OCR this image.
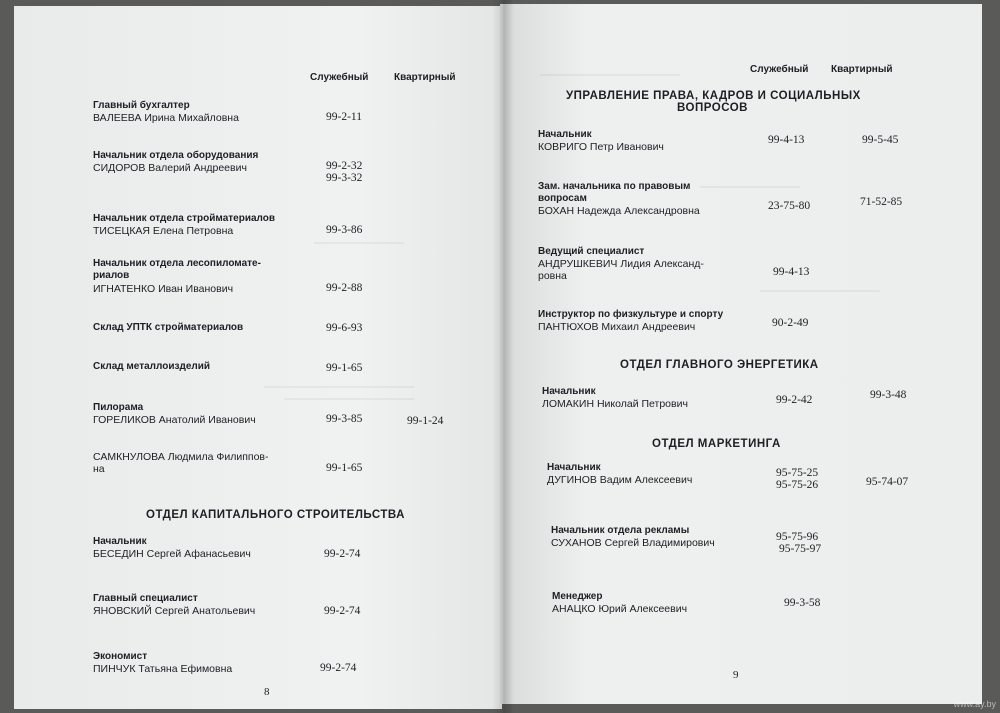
Служебный	Квартирный
Главный бухгалтер
ВАЛЕЕВА Ирина Михайловна	99-2-11
Начальник отдела оборудования
СИДОРОВ Валерий Андреевич	99-2-32
99-3-32
Начальник отдела стройматериалов
ТИСЕЦКАЯ Елена Петровна	99-3-86
Начальник отдела лесопиломате-
риалов
ИГНАТЕНКО Иван Иванович	99-2-88
Склад УПТК стройматериалов	99-6-93
Склад металлоизделий	99-1-65
Пилорама
ГОРЕЛИКОВ Анатолий Иванович	99-3-85	99-1-24
САМКНУЛОВА Людмила Филиппов-
на	99-1-65
ОТДЕЛ КАПИТАЛЬНОГО СТРОИТЕЛЬСТВА
Начальник
БЕСЕДИН Сергей Афанасьевич	99-2-74
Главный специалист
ЯНОВСКИЙ Сергей Анатольевич	99-2-74
Экономист
ПИНЧУК Татьяна Ефимовна	99-2-74
8
Служебный Квартирный
УПРАВЛЕНИЕ ПРАВА, КАДРОВ И СОЦИАЛЬНЫХ
ВОПРОСОВ
Начальник
КОВРИГО Петр Иванович
99-4-13	99-5-45
Зам. начальника по правовым
вопросам
БОХАН Надежда Александровна	23-75-80	71-52-85
Ведущий специалист
АНДРУШКЕВИЧ Лидия Александ-
ровна	99-4-13
Инструктор по физкультуре и спорту
ПАНТЮХОВ Михаил Андреевич	90-2-49
ОТДЕЛ ГЛАВНОГО ЭНЕРГЕТИКА
Начальник
ЛОМАКИН Николай Петрович	99-2-42	99-3-48
ОТДЕЛ МАРКЕТИНГА
Начальник
ДУГИНОВ Вадим Алексеевич
95-75-25
95-75-26	95-74-07
Начальник отдела рекламы
СУХАНОВ Сергей Владимирович	95-75-96
95-75-97
Менеджер
АНАЦКО Юрий Алексеевич	99-3-58
9
www.ay.by
